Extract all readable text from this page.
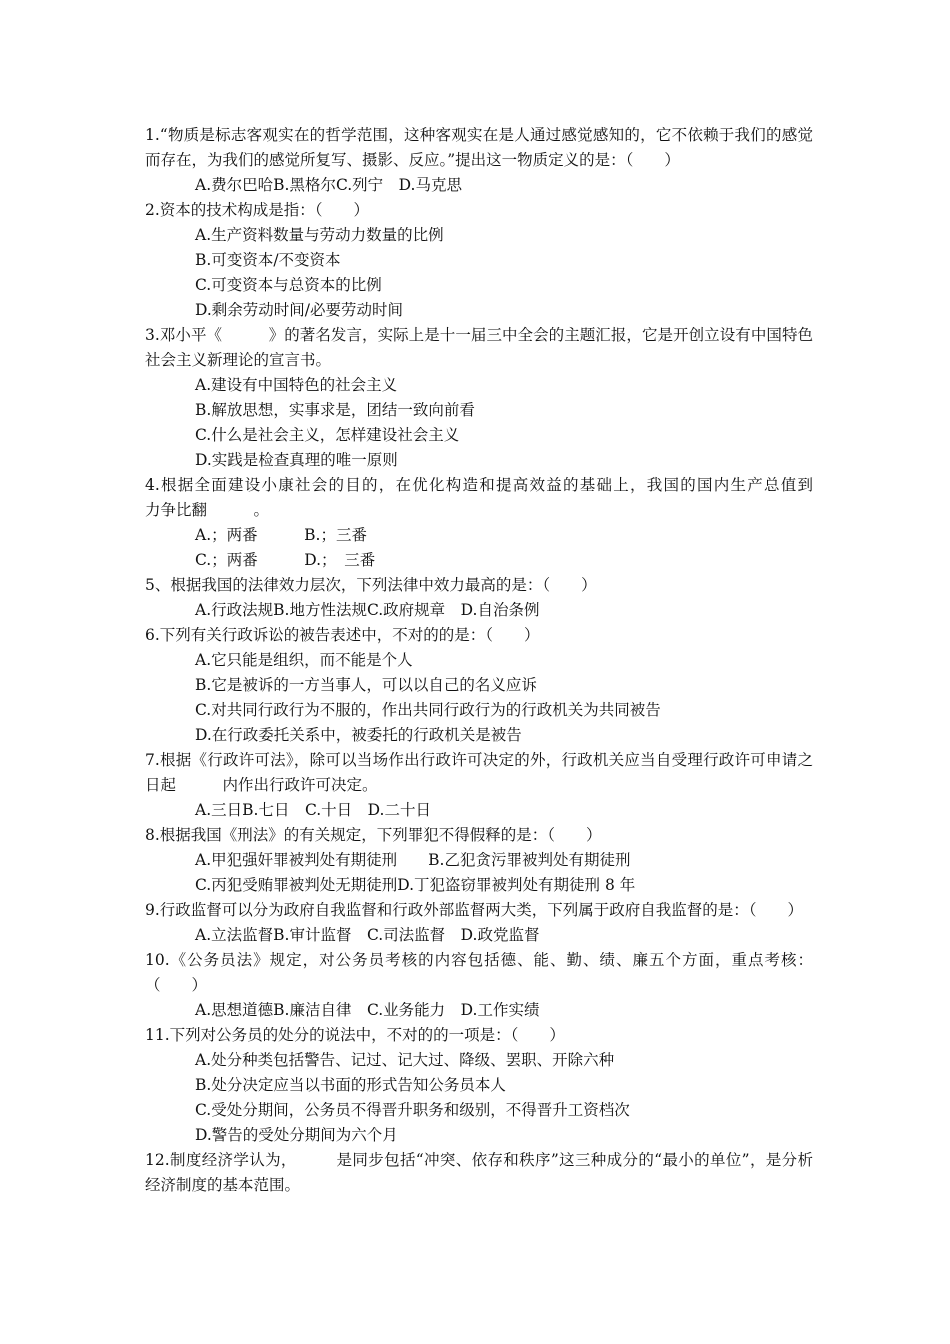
1.“物质是标志客观实在的哲学范围，这种客观实在是人通过感觉感知的，它不依赖于我们的感觉而存在，为我们的感觉所复写、摄影、反应。”提出这一物质定义的是：（　　）
A.费尔巴哈B.黑格尔C.列宁　D.马克思
2.资本的技术构成是指：（　　）
A.生产资料数量与劳动力数量的比例
B.可变资本/不变资本
C.可变资本与总资本的比例
D.剩余劳动时间/必要劳动时间
3.邓小平《　　　》的著名发言，实际上是十一届三中全会的主题汇报，它是开创立设有中国特色社会主义新理论的宣言书。
A.建设有中国特色的社会主义
B.解放思想，实事求是，团结一致向前看
C.什么是社会主义，怎样建设社会主义
D.实践是检查真理的唯一原则
4.根据全面建设小康社会的目的，在优化构造和提高效益的基础上，我国的国内生产总值到　　　力争比翻　　　。
A.；两番　　　B.；三番
C.；两番　　　D.；　三番
5、根据我国的法律效力层次，下列法律中效力最高的是：（　　）
A.行政法规B.地方性法规C.政府规章　D.自治条例
6.下列有关行政诉讼的被告表述中，不对的的是：（　　）
A.它只能是组织，而不能是个人
B.它是被诉的一方当事人，可以以自己的名义应诉
C.对共同行政行为不服的，作出共同行政行为的行政机关为共同被告
D.在行政委托关系中，被委托的行政机关是被告
7.根据《行政许可法》，除可以当场作出行政许可决定的外，行政机关应当自受理行政许可申请之日起　　　内作出行政许可决定。
A.三日B.七日　C.十日　D.二十日
8.根据我国《刑法》的有关规定，下列罪犯不得假释的是：（　　）
A.甲犯强奸罪被判处有期徒刑　　B.乙犯贪污罪被判处有期徒刑
C.丙犯受贿罪被判处无期徒刑D.丁犯盗窃罪被判处有期徒刑 8 年
9.行政监督可以分为政府自我监督和行政外部监督两大类，下列属于政府自我监督的是：（　　）
A.立法监督B.审计监督　C.司法监督　D.政党监督
10.《公务员法》规定，对公务员考核的内容包括德、能、勤、绩、廉五个方面，重点考核：（　　）
A.思想道德B.廉洁自律　C.业务能力　D.工作实绩
11.下列对公务员的处分的说法中，不对的的一项是：（　　）
A.处分种类包括警告、记过、记大过、降级、罢职、开除六种
B.处分决定应当以书面的形式告知公务员本人
C.受处分期间，公务员不得晋升职务和级别，不得晋升工资档次
D.警告的受处分期间为六个月
12.制度经济学认为，　　　是同步包括“冲突、依存和秩序”这三种成分的“最小的单位”，是分析经济制度的基本范围。
